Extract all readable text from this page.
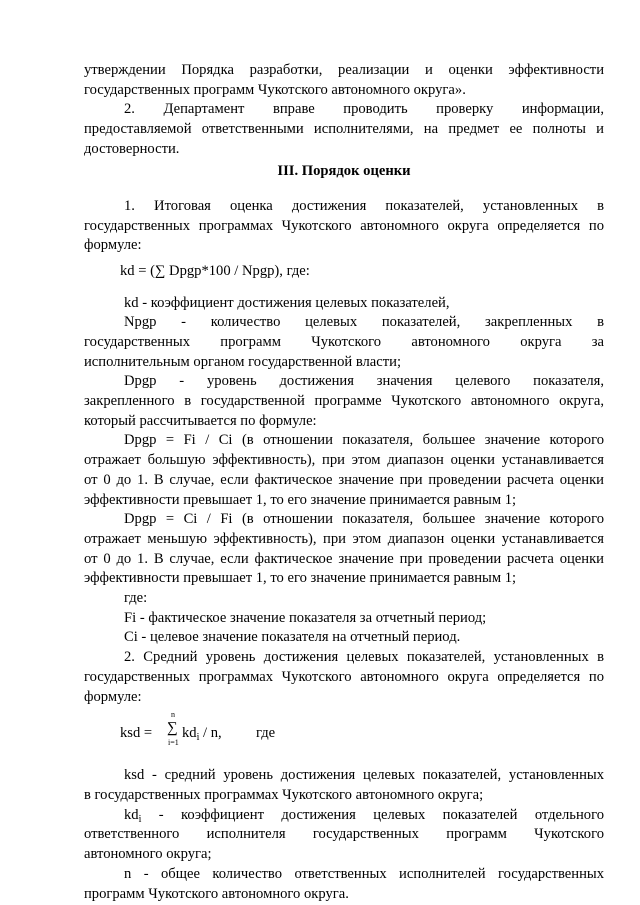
утверждении Порядка разработки, реализации и оценки эффективности
государственных программ Чукотского автономного округа».
2. Департамент вправе проводить проверку информации,
предоставляемой ответственными исполнителями, на предмет ее полноты и
достоверности.
III. Порядок оценки
1. Итоговая оценка достижения показателей, установленных в
государственных программах Чукотского автономного округа определяется по
формуле:
kd = (∑ Dpgp*100 / Npgp), где:
kd - коэффициент достижения целевых показателей,
Npgp - количество целевых показателей, закрепленных в
государственных программ Чукотского автономного округа за
исполнительным органом государственной власти;
Dpgp - уровень достижения значения целевого показателя,
закрепленного в государственной программе Чукотского автономного округа,
который рассчитывается по формуле:
Dpgp = Fi / Ci (в отношении показателя, большее значение которого
отражает большую эффективность), при этом диапазон оценки устанавливается
от 0 до 1. В случае, если фактическое значение при проведении расчета оценки
эффективности превышает 1, то его значение принимается равным 1;
Dpgp = Ci / Fi (в отношении показателя, большее значение которого
отражает меньшую эффективность), при этом диапазон оценки устанавливается
от 0 до 1. В случае, если фактическое значение при проведении расчета оценки
эффективности превышает 1, то его значение принимается равным 1;
где:
Fi - фактическое значение показателя за отчетный период;
Ci - целевое значение показателя на отчетный период.
2. Средний уровень достижения целевых показателей, установленных в
государственных программах Чукотского автономного округа определяется по
формуле:
ksd =
n
∑
i=1
$kd_i$ / n, где
ksd - средний уровень достижения целевых показателей, установленных
в государственных программах Чукотского автономного округа;
$kd_i$ - коэффициент достижения целевых показателей отдельного
ответственного исполнителя государственных программ Чукотского
автономного округа;
n - общее количество ответственных исполнителей государственных
программ Чукотского автономного округа.
